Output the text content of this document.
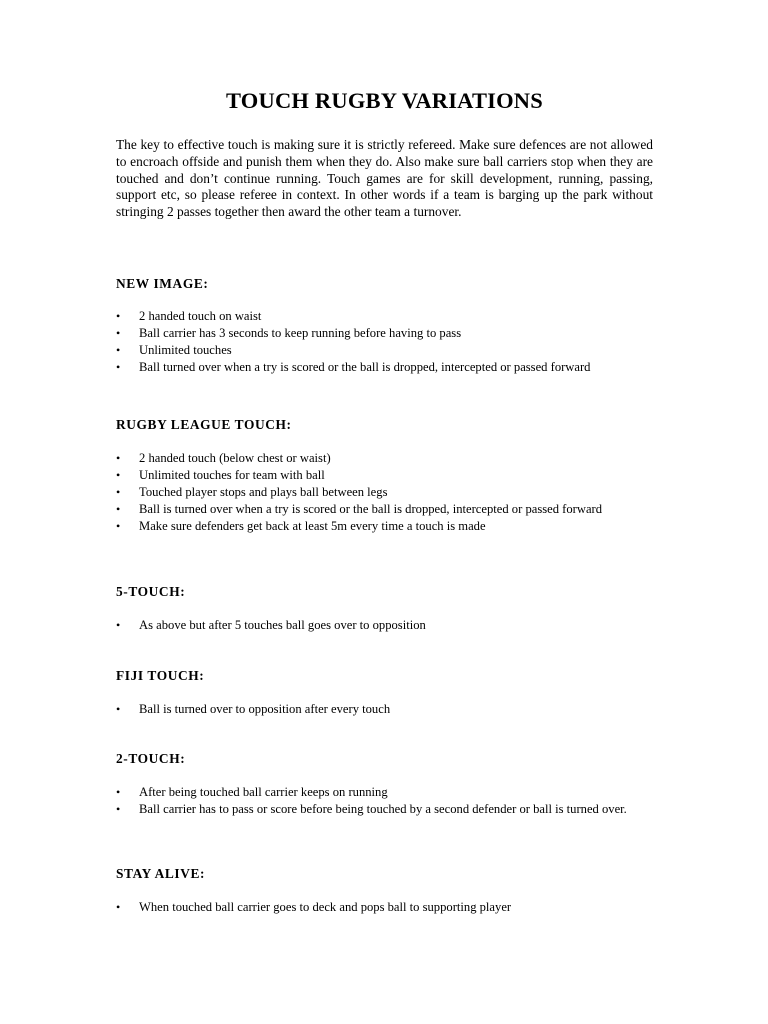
TOUCH RUGBY VARIATIONS

The key to effective touch is making sure it is strictly refereed. Make sure defences are not allowed to encroach offside and punish them when they do. Also make sure ball carriers stop when they are touched and don’t continue running. Touch games are for skill development, running, passing, support etc, so please referee in context. In other words if a team is barging up the park without stringing 2 passes together then award the other team a turnover.

NEW IMAGE:
• 2 handed touch on waist
• Ball carrier has 3 seconds to keep running before having to pass
• Unlimited touches
• Ball turned over when a try is scored or the ball is dropped, intercepted or passed forward
RUGBY LEAGUE TOUCH:
• 2 handed touch (below chest or waist)
• Unlimited touches for team with ball
• Touched player stops and plays ball between legs
• Ball is turned over when a try is scored or the ball is dropped, intercepted or passed forward
• Make sure defenders get back at least 5m every time a touch is made
5-TOUCH:
• As above but after 5 touches ball goes over to opposition
FIJI TOUCH:
• Ball is turned over to opposition after every touch
2-TOUCH:
• After being touched ball carrier keeps on running
• Ball carrier has to pass or score before being touched by a second defender or ball is turned over.
STAY ALIVE:
• When touched ball carrier goes to deck and pops ball to supporting player
